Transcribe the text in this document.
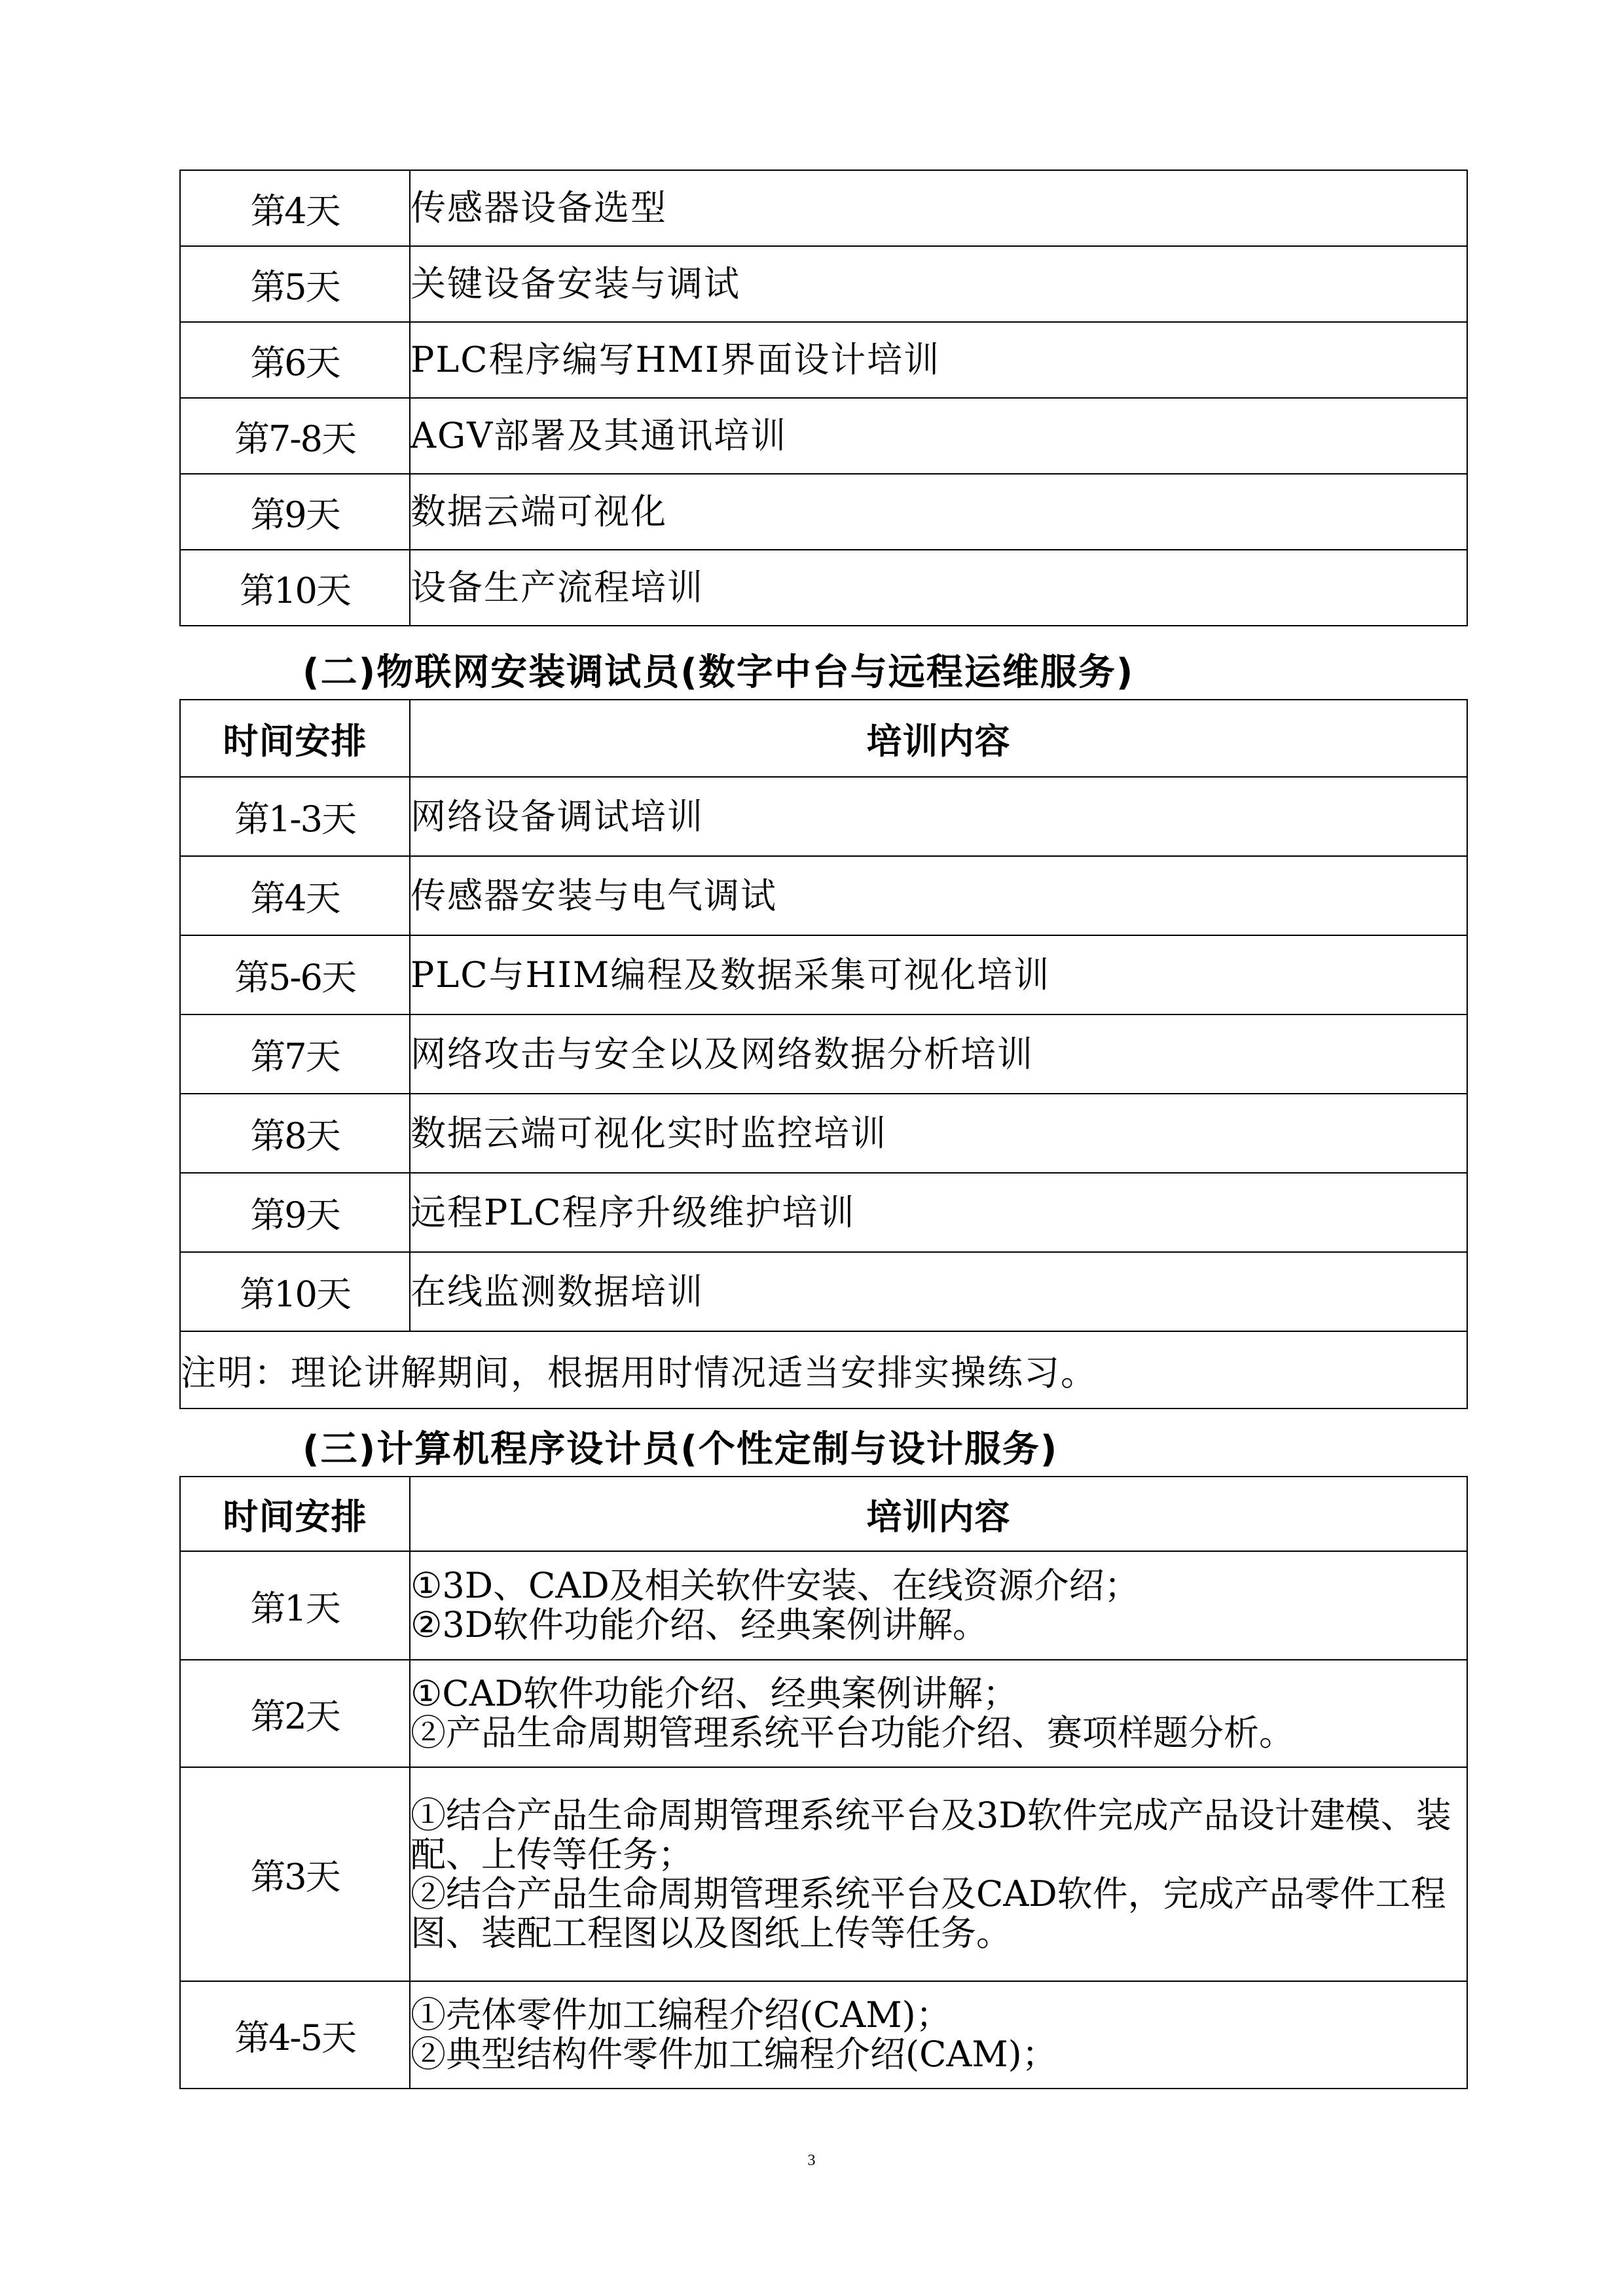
第4天	传感器设备选型
第5天	关键设备安装与调试
第6天	PLC程序编写HMI界面设计培训
第7-8天	AGV部署及其通讯培训
第9天	数据云端可视化
第10天	设备生产流程培训
(二)物联网安装调试员(数字中台与远程运维服务)
时间安排	培训内容
第1-3天	网络设备调试培训
第4天	传感器安装与电气调试
第5-6天	PLC与HIM编程及数据采集可视化培训
第7天	网络攻击与安全以及网络数据分析培训
第8天	数据云端可视化实时监控培训
第9天	远程PLC程序升级维护培训
第10天	在线监测数据培训
注明：理论讲解期间，根据用时情况适当安排实操练习。	
(三)计算机程序设计员(个性定制与设计服务)
时间安排	培训内容
第1天	①3D、CAD及相关软件安装、在线资源介绍；
②3D软件功能介绍、经典案例讲解。

第2天	①CAD软件功能介绍、经典案例讲解；
②产品生命周期管理系统平台功能介绍、赛项样题分析。

第3天	①结合产品生命周期管理系统平台及3D软件完成产品设计建模、装配、上传等任务；
②结合产品生命周期管理系统平台及CAD软件，完成产品零件工程图、装配工程图以及图纸上传等任务。

第4-5天	①壳体零件加工编程介绍(CAM)；
②典型结构件零件加工编程介绍(CAM)；
3
